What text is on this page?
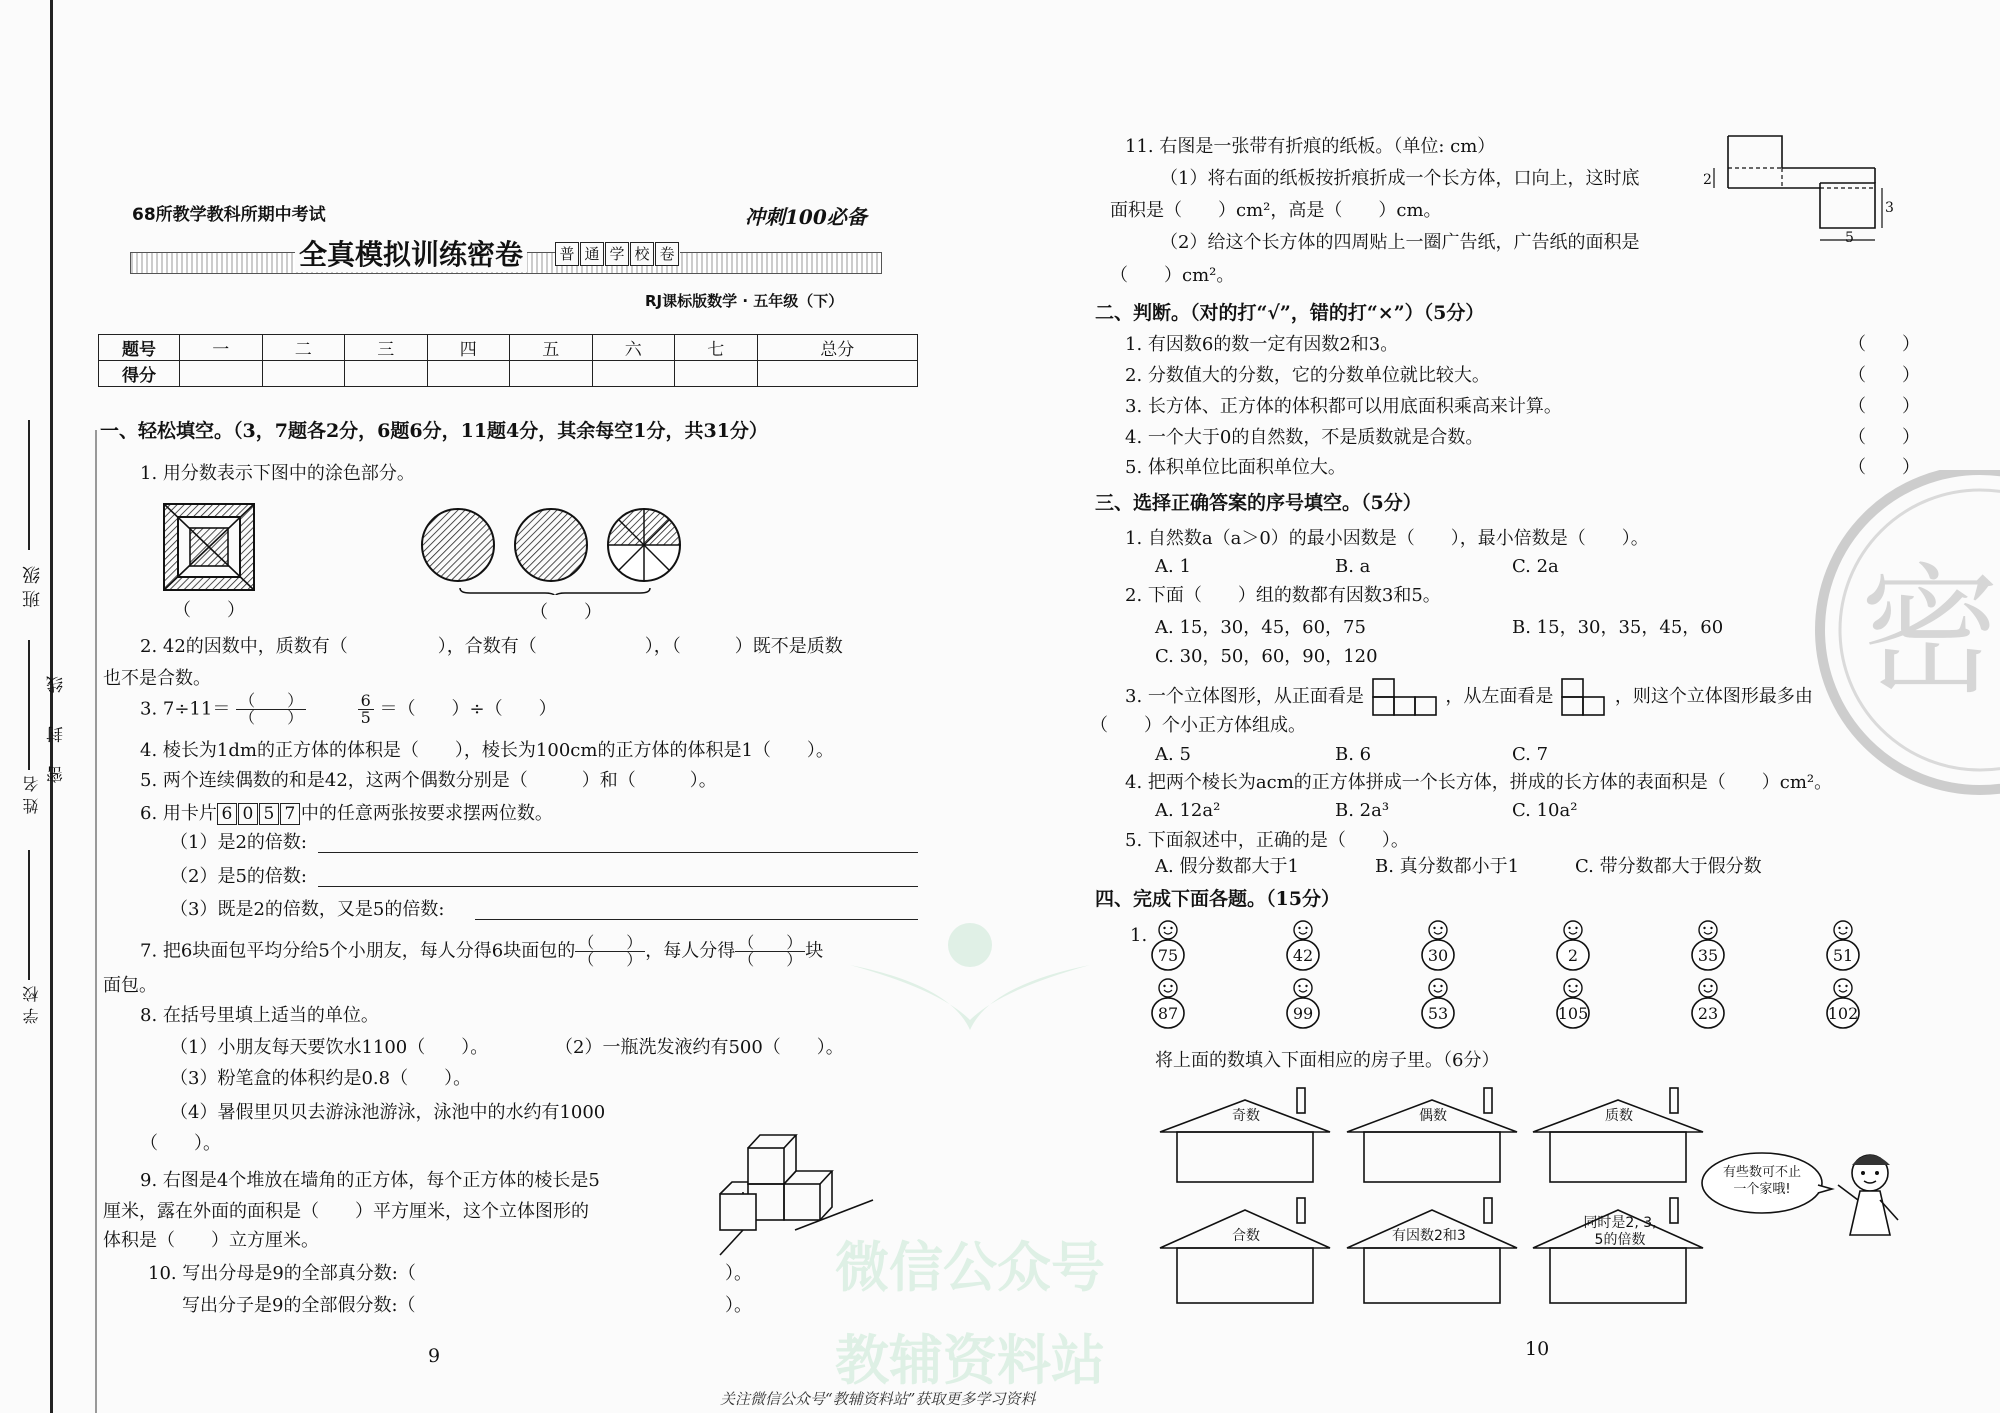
班级
姓名
学校
线
封
密
68所教学教科所期中考试	冲刺100必备
全真模拟训练密卷 普 通 学 校 卷
RJ课标版数学 · 五年级（下）
题号	一	二	三	四	五	六	七	总分
得分								
一、轻松填空。（3，7题各2分，6题6分，11题4分，其余每空1分，共31分）
1. 用分数表示下图中的涂色部分。
（　　）	（　　）
2. 42的因数中，质数有（　　　　　），合数有（　　　　　　），（　　　）既不是质数
也不是合数。
3. $7\div 11= \frac{( )}{( )}$
	$\frac{6}{5}$ ＝（　　）÷（　　）
4. 棱长为1dm的正方体的体积是（　　），棱长为100cm的正方体的体积是1（　　）。
5. 两个连续偶数的和是42，这两个偶数分别是（　　　）和（　　　）。
6. 用卡片 6 0 5 7 中的任意两张按要求摆两位数。
（1）是2的倍数:
（2）是5的倍数:
（3）既是2的倍数，又是5的倍数:
7. 把6块面包平均分给5个小朋友，每人分得6块面包的 $\frac{( )}{( )}$ ，每人分得 $\frac{( )}{( )}$ 块
面包。
8. 在括号里填上适当的单位。
（1）小朋友每天要饮水1100（　　）。	（2）一瓶洗发液约有500（　　）。
（3）粉笔盒的体积约是0.8（　　）。
（4）暑假里贝贝去游泳池游泳，泳池中的水约有1000
（　　）。
9. 右图是4个堆放在墙角的正方体，每个正方体的棱长是5
厘米，露在外面的面积是（　　）平方厘米，这个立体图形的
体积是（　　）立方厘米。
10. 写出分母是9的全部真分数:（	）。
写出分子是9的全部假分数:（	）。
9
微信公众号
教辅资料站
11. 右图是一张带有折痕的纸板。（单位: cm）
（1）将右面的纸板按折痕折成一个长方体，口向上，这时底
面积是（　　）cm²，高是（　　）cm。
（2）给这个长方体的四周贴上一圈广告纸，广告纸的面积是
（　　）cm²。
2
3
5
二、判断。（对的打“√”，错的打“×”）（5分）
1. 有因数6的数一定有因数2和3。	（　　）
2. 分数值大的分数，它的分数单位就比较大。	（　　）
3. 长方体、正方体的体积都可以用底面积乘高来计算。	（　　）
4. 一个大于0的自然数，不是质数就是合数。	（　　）
5. 体积单位比面积单位大。	（　　）
密
三、选择正确答案的序号填空。（5分）
1. 自然数a（a＞0）的最小因数是（　　），最小倍数是（　　）。
A. 1	B. a	C. 2a
2. 下面（　　）组的数都有因数3和5。
A. 15，30，45，60，75	B. 15，30，35，45，60
C. 30，50，60，90，120
3. 一个立体图形，从正面看是	，从左面看是	，则这个立体图形最多由
（　　）个小正方体组成。
A. 5	B. 6	C. 7
4. 把两个棱长为acm的正方体拼成一个长方体，拼成的长方体的表面积是（　　）cm²。
A. 12a²	B. 2a³	C. 10a²
5. 下面叙述中，正确的是（　　）。
A. 假分数都大于1	B. 真分数都小于1	C. 带分数都大于假分数
四、完成下面各题。（15分）
1.
75	42	30	2	35	51
87	99	53	105	23	102
将上面的数填入下面相应的房子里。（6分）
奇数	偶数	质数
合数	有因数2和3
同时是2, 3, 5的倍数
有些数可不止一个家哦!
10
关注微信公众号“教辅资料站”获取更多学习资料
